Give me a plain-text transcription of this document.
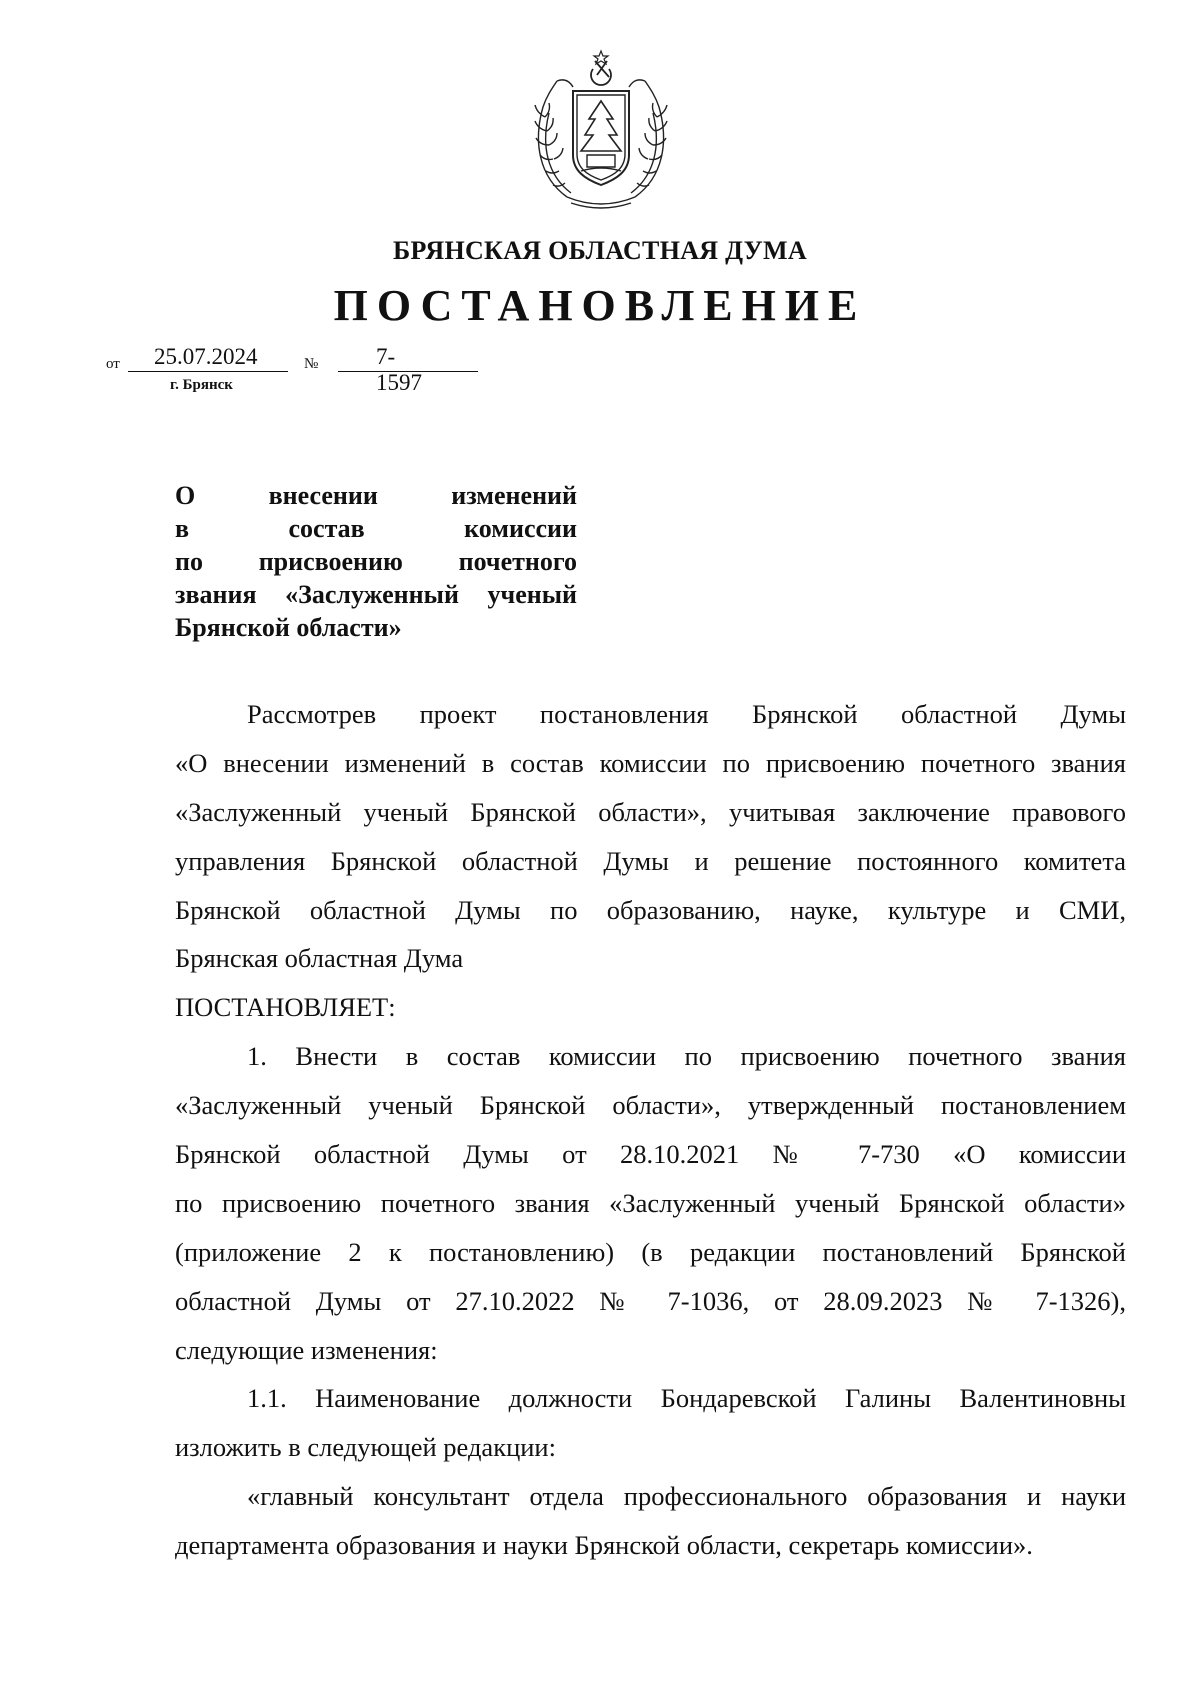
БРЯНСКАЯ ОБЛАСТНАЯ ДУМА
ПОСТАНОВЛЕНИЕ
от 25.07.2024	№	7-1597
г. Брянск
О	внесении	изменений
в	состав	комиссии
по присвоению почетного
звания «Заслуженный ученый
Брянской области»
Рассмотрев проект постановления Брянской областной Думы
«О внесении изменений в состав комиссии по присвоению почетного звания
«Заслуженный ученый Брянской области», учитывая заключение правового
управления Брянской областной Думы и решение постоянного комитета
Брянской областной Думы по образованию, науке, культуре и СМИ,
Брянская областная Дума
ПОСТАНОВЛЯЕТ:
1. Внести в состав комиссии по присвоению почетного звания
«Заслуженный ученый Брянской области», утвержденный постановлением
Брянской областной Думы от 28.10.2021 № 7-730 «О комиссии
по присвоению почетного звания «Заслуженный ученый Брянской области»
(приложение 2 к постановлению) (в редакции постановлений Брянской
областной Думы от 27.10.2022 № 7-1036, от 28.09.2023 № 7-1326),
следующие изменения:
1.1. Наименование должности Бондаревской Галины Валентиновны
изложить в следующей редакции:
«главный консультант отдела профессионального образования и науки
департамента образования и науки Брянской области, секретарь комиссии».
